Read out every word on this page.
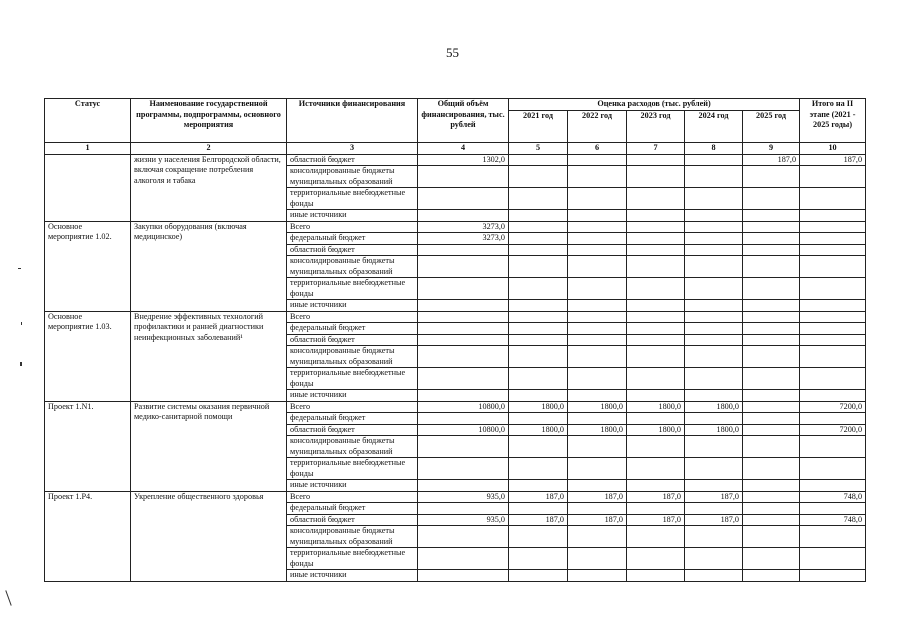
55
Статус	Наименование государственной программы, подпрограммы, основного мероприятия	Источники финансирования	Общий объём финансирования, тыс. рублей	Оценка расходов (тыс. рублей)					Итого на II этапе (2021 - 2025 годы)
				2021 год	2022 год	2023 год	2024 год	2025 год	
1	2	3	4	5	6	7	8	9	10
	жизни у населения Белгородской области, включая сокращение потребления алкоголя и табака	областной бюджет	1302,0					187,0	187,0
		консолидированные бюджеты муниципальных образований							
		территориальные внебюджетные фонды							
		иные источники							
Основное мероприятие 1.02.	Закупки оборудования (включая медицинское)	Всего	3273,0						
		федеральный бюджет	3273,0						
		областной бюджет							
		консолидированные бюджеты муниципальных образований							
		территориальные внебюджетные фонды							
		иные источники							
Основное мероприятие 1.03.	Внедрение эффективных технологий профилактики и ранней диагностики неинфекционных заболеваний¹	Всего							
		федеральный бюджет							
		областной бюджет							
		консолидированные бюджеты муниципальных образований							
		территориальные внебюджетные фонды							
		иные источники							
Проект 1.N1.	Развитие системы оказания первичной медико-санитарной помощи	Всего	10800,0	1800,0	1800,0	1800,0	1800,0		7200,0
		федеральный бюджет							
		областной бюджет	10800,0	1800,0	1800,0	1800,0	1800,0		7200,0
		консолидированные бюджеты муниципальных образований							
		территориальные внебюджетные фонды							
		иные источники							
Проект 1.P4.	Укрепление общественного здоровья	Всего	935,0	187,0	187,0	187,0	187,0		748,0
		федеральный бюджет							
		областной бюджет	935,0	187,0	187,0	187,0	187,0		748,0
		консолидированные бюджеты муниципальных образований							
		территориальные внебюджетные фонды							
		иные источники							
